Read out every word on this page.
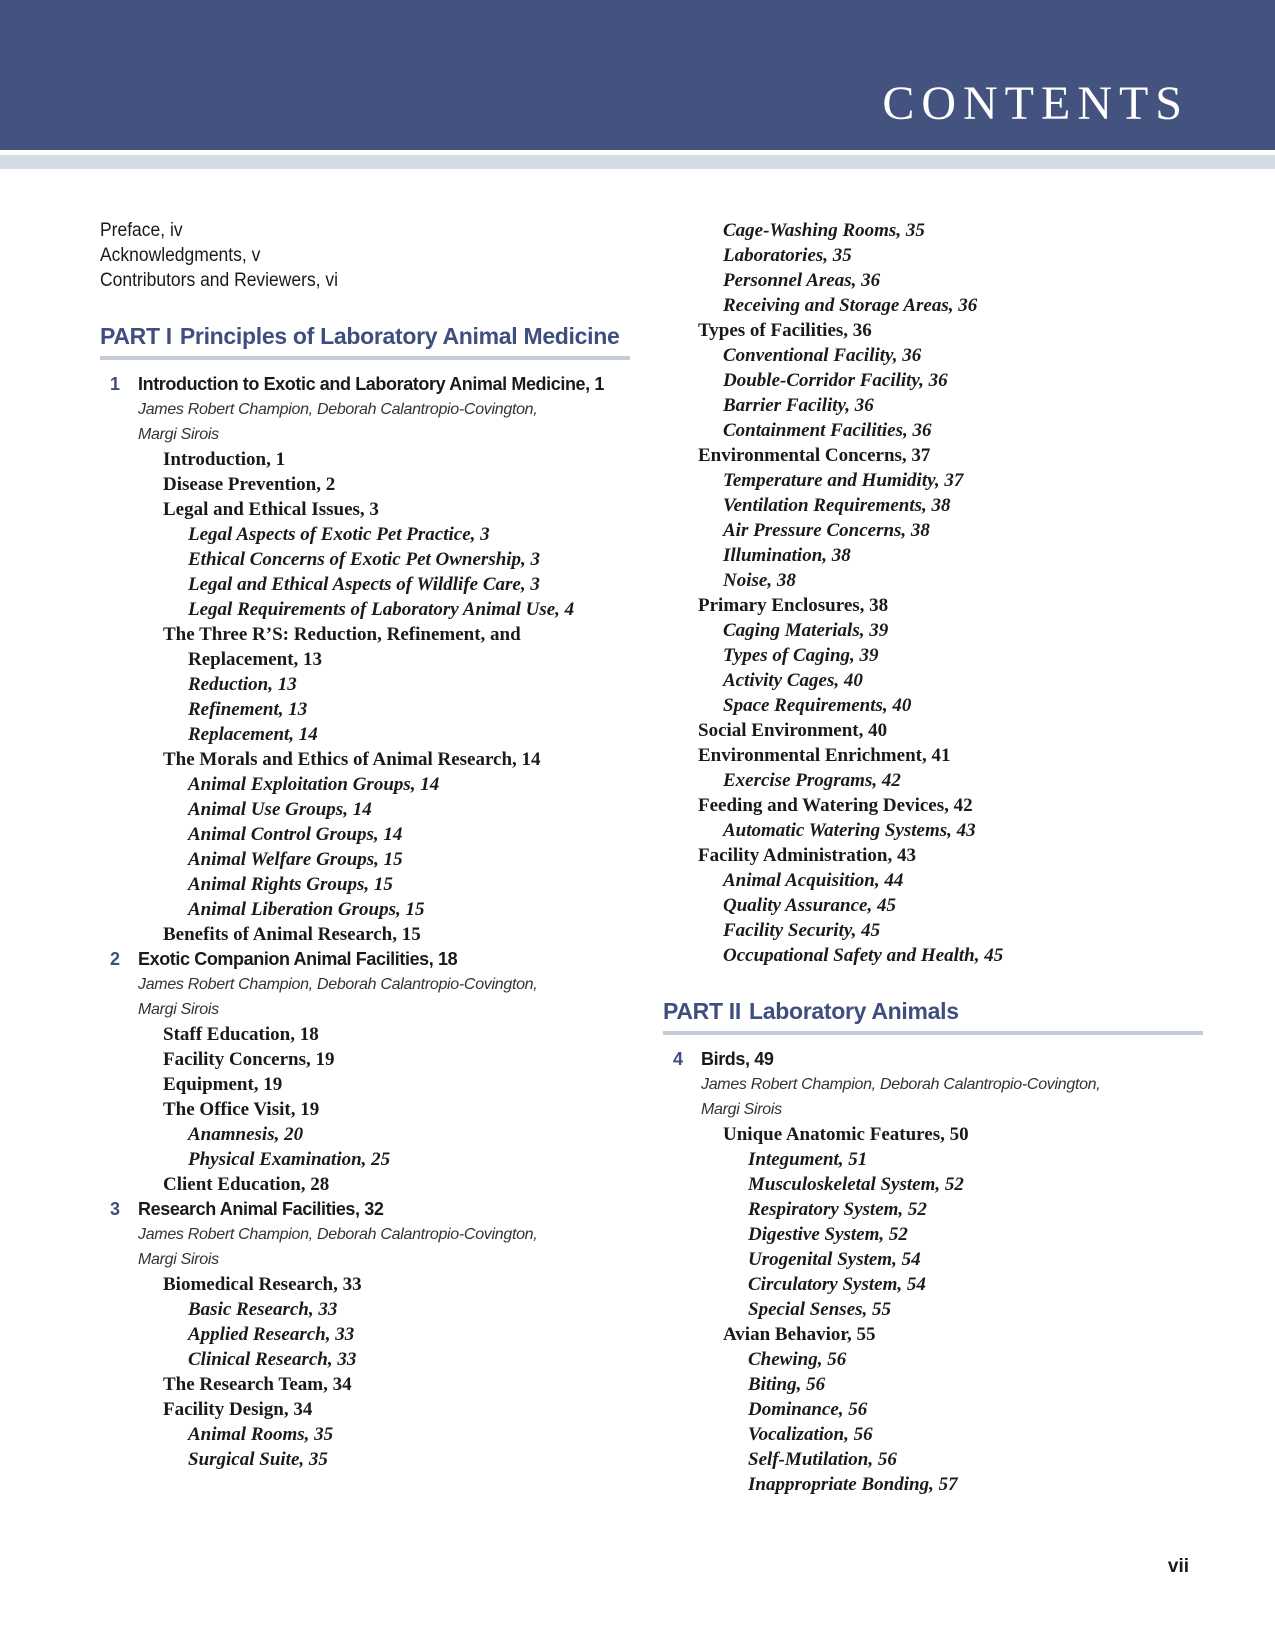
CONTENTS
Preface, iv
Acknowledgments, v
Contributors and Reviewers, vi
PART I Principles of Laboratory Animal Medicine
1 Introduction to Exotic and Laboratory Animal Medicine, 1
James Robert Champion, Deborah Calantropio-Covington,
Margi Sirois
Introduction, 1
Disease Prevention, 2
Legal and Ethical Issues, 3
Legal Aspects of Exotic Pet Practice, 3
Ethical Concerns of Exotic Pet Ownership, 3
Legal and Ethical Aspects of Wildlife Care, 3
Legal Requirements of Laboratory Animal Use, 4
The Three R’S: Reduction, Refinement, and
Replacement, 13
Reduction, 13
Refinement, 13
Replacement, 14
The Morals and Ethics of Animal Research, 14
Animal Exploitation Groups, 14
Animal Use Groups, 14
Animal Control Groups, 14
Animal Welfare Groups, 15
Animal Rights Groups, 15
Animal Liberation Groups, 15
Benefits of Animal Research, 15
2 Exotic Companion Animal Facilities, 18
James Robert Champion, Deborah Calantropio-Covington,
Margi Sirois
Staff Education, 18
Facility Concerns, 19
Equipment, 19
The Office Visit, 19
Anamnesis, 20
Physical Examination, 25
Client Education, 28
3 Research Animal Facilities, 32
James Robert Champion, Deborah Calantropio-Covington,
Margi Sirois
Biomedical Research, 33
Basic Research, 33
Applied Research, 33
Clinical Research, 33
The Research Team, 34
Facility Design, 34
Animal Rooms, 35
Surgical Suite, 35
Cage-Washing Rooms, 35
Laboratories, 35
Personnel Areas, 36
Receiving and Storage Areas, 36
Types of Facilities, 36
Conventional Facility, 36
Double-Corridor Facility, 36
Barrier Facility, 36
Containment Facilities, 36
Environmental Concerns, 37
Temperature and Humidity, 37
Ventilation Requirements, 38
Air Pressure Concerns, 38
Illumination, 38
Noise, 38
Primary Enclosures, 38
Caging Materials, 39
Types of Caging, 39
Activity Cages, 40
Space Requirements, 40
Social Environment, 40
Environmental Enrichment, 41
Exercise Programs, 42
Feeding and Watering Devices, 42
Automatic Watering Systems, 43
Facility Administration, 43
Animal Acquisition, 44
Quality Assurance, 45
Facility Security, 45
Occupational Safety and Health, 45
PART II Laboratory Animals
4 Birds, 49
James Robert Champion, Deborah Calantropio-Covington,
Margi Sirois
Unique Anatomic Features, 50
Integument, 51
Musculoskeletal System, 52
Respiratory System, 52
Digestive System, 52
Urogenital System, 54
Circulatory System, 54
Special Senses, 55
Avian Behavior, 55
Chewing, 56
Biting, 56
Dominance, 56
Vocalization, 56
Self-Mutilation, 56
Inappropriate Bonding, 57
vii
